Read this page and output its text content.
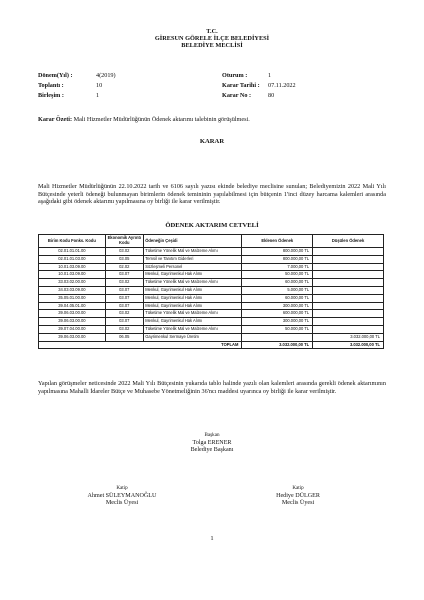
T.C.
GİRESUN GÖRELE İLÇE BELEDİYESİ
BELEDİYE MECLİSİ
Dönem(Yıl) :	4(2019)
Toplantı :	10
Birleşim :	1
Oturum :	1
Karar Tarihi : 07.11.2022
Karar No :	80
Karar Özeti: Mali Hizmetler Müdürlüğünün Ödenek aktarımı talebinin görüşülmesi.
KARAR
Mali Hizmetler Müdürlüğünün 22.10.2022 tarih ve 6106 sayılı yazısı ekinde belediye meclisine sunulan; Belediyemizin 2022 Mali Yılı Bütçesinde yeterli ödeneği bulunmayan birimlerin ödenek temininin yapılabilmesi için bütçenin 1'inci düzey harcama kalemleri arasında aşağıdaki gibi ödenek aktarımı yapılmasına oy birliği ile karar verilmiştir.
ÖDENEK AKTARIM CETVELİ
Birim Kodu Fonks. Kodu	Ekonomik Ayrıntı Kodu	Ödeneğin Çeşidi	Eklenen Ödenek	Düşülen Ödenek
02.01.01.01.00	03.02	Tüketime Yönelik Mal ve Malzeme Alımı	800.000,00 TL	
02.01.01.03.00	03.05	Temsil ve Tanıtım Giderleri	800.000,00 TL	
10.01.03.09.00	02.02	Sözleşmeli Personel	7.000,00 TL	
10.01.03.09.00	03.07	Menkul, Gayrimenkul Hak Alımı	50.000,00 TL	
33.03.02.00.00	03.02	Tüketime Yönelik Mal ve Malzeme Alımı	60.000,00 TL	
34.03.03.09.00	03.07	Menkul, Gayrimenkul Hak Alımı	5.000,00 TL	
35.05.01.00.00	03.07	Menkul, Gayrimenkul Hak Alımı	60.000,00 TL	
39.04.05.01.00	03.07	Menkul, Gayrimenkul Hak Alımı	300.000,00 TL	
39.06.03.00.00	03.02	Tüketime Yönelik Mal ve Malzeme Alımı	600.000,00 TL	
39.06.03.00.00	03.07	Menkul, Gayrimenkul Hak Alımı	300.000,00 TL	
39.07.04.00.00	03.02	Tüketime Yönelik Mal ve Malzeme Alımı	50.000,00 TL	
39.06.03.00.00	06.05	Gayrimenkul Sermaye Üretim		3.032.000,00 TL
TOPLAM			3.032.000,00 TL	3.032.000,00 TL
Yapılan görüşmeler neticesinde 2022 Mali Yılı Bütçesinin yukarıda tablo halinde yazılı olan kalemleri arasında gerekli ödenek aktarımının yapılmasına Mahalli İdareler Bütçe ve Muhasebe Yönetmeliğinin 36'ncı maddesi uyarınca oy birliği ile karar verilmiştir.
Başkan
Tolga ERENER
Belediye Başkanı
Katip
Ahmet SÜLEYMANOĞLU
Meclis Üyesi
Katip
Hediye DÜLGER
Meclis Üyesi
1
